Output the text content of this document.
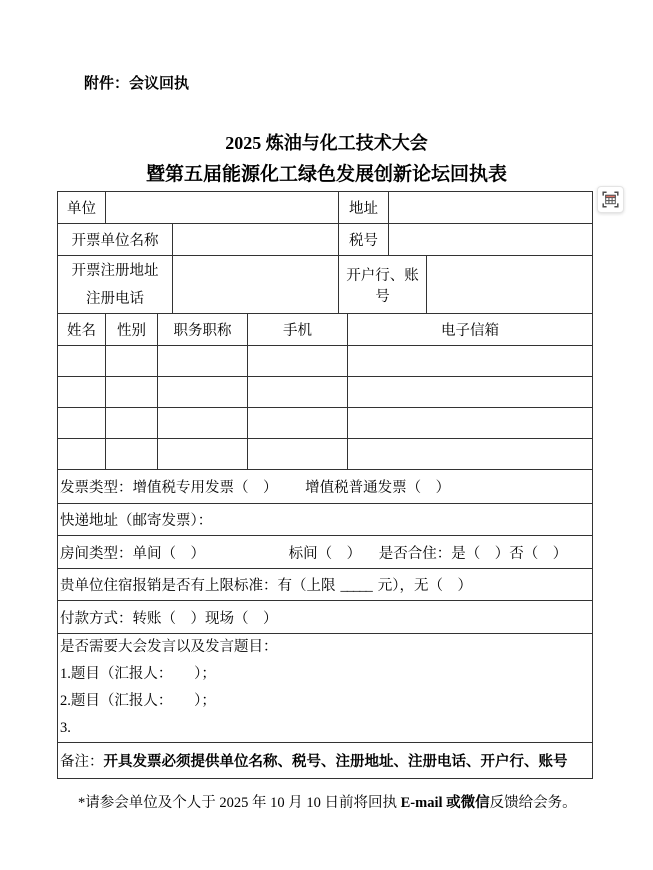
附件：会议回执
2025 炼油与化工技术大会
暨第五届能源化工绿色发展创新论坛回执表
单位					地址			
开票单位名称					税号			

开票注册地址
注册电话					开户行、账号			
姓名	性别	职务职称		手机		电子信箱		

发票类型：增值税专用发票（　） 增值税普通发票（　）								
快递地址（邮寄发票）：								
房间类型：单间（　） 标间（　） 是否合住：是（　）否（　）								
贵单位住宿报销是否有上限标准：有（上限 _____ 元），无（　）								
付款方式：转账（　）现场（　）								

是否需要大会发言以及发言题目：
1.题目（汇报人：　　）；
2.题目（汇报人：　　）；
3.								

备注：开具发票必须提供单位名称、税号、注册地址、注册电话、开户行、账号								
*请参会单位及个人于 2025 年 10 月 10 日前将回执 E-mail 或微信反馈给会务。
